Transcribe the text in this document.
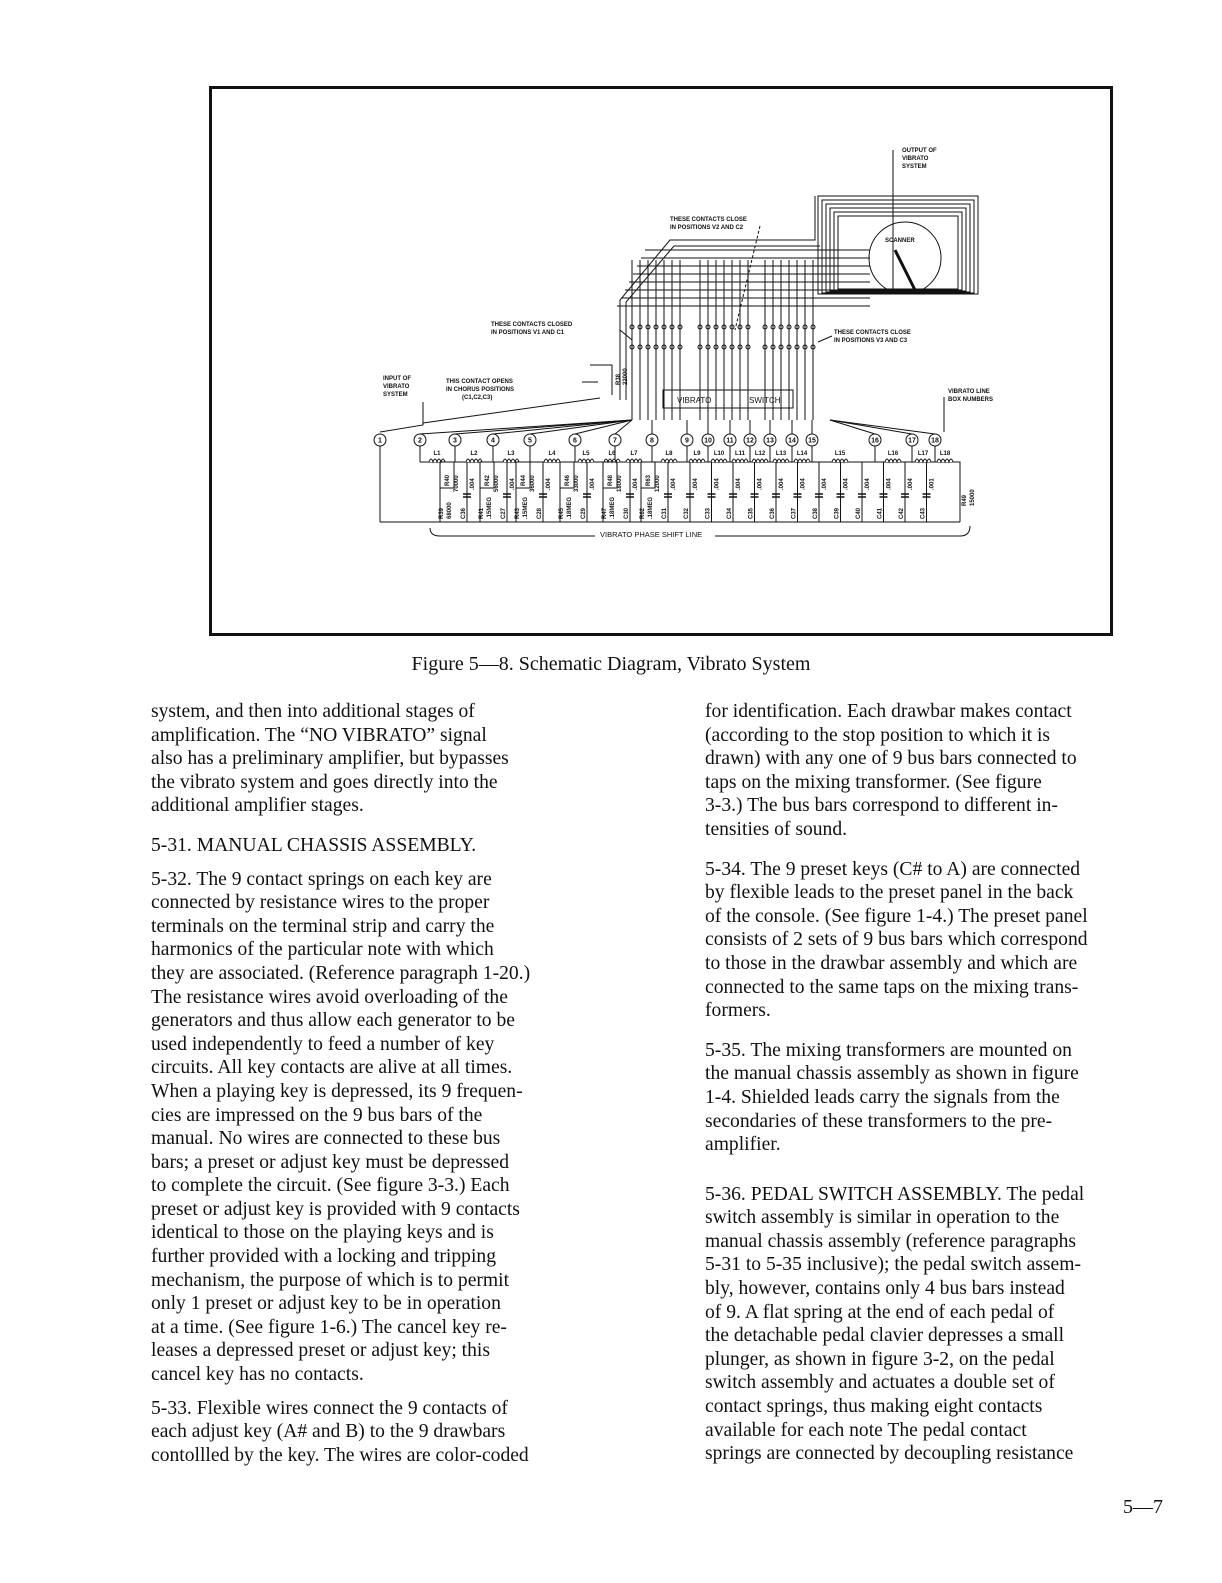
1	2	3	4	5	6	7	8	9 10 11 12 13 14 15	16	17 18
L1	L2	L3	L4	L5	L6 L7	L8	L9 L10 L11 L12 L13 L14	L15	L16	L17 L18
R40 70000	R42 56000	R44 36000	R46 33000	R48 18000	R63 12000
R39 68000	R41 .15MEG	R43 .15MEG	R45 .18MEG	R47 .18MEG	R62 .18MEG
.004
C36
.004
C27
.004
C28
.004
C29
.004
C30
.004
C31
.004
C32
.004
C33
.004
C34
.004
C35
.004
C36
.004
C37
.004
C38
.004
C39
.004
C40
.004
C41
.004
C42
.001
C43
R49 15000
OUTPUT OF
VIBRATO
SYSTEM
INPUT OF
VIBRATO
SYSTEM
THESE CONTACTS CLOSE
IN POSITIONS V2 AND C2
THESE CONTACTS CLOSED
IN POSITIONS V1 AND C1	THESE CONTACTS CLOSE
IN POSITIONS V3 AND C3
THIS CONTACT OPENS
IN CHORUS POSITIONS
(C1,C2,C3)
VIBRATO LINE
BOX NUMBERS
SCANNER
VIBRATO	SWITCH
VIBRATO PHASE SHIFT LINE
R38 22000
Figure 5—8. Schematic Diagram, Vibrato System

system, and then into additional stages of
amplification. The “NO VIBRATO” signal
also has a preliminary amplifier, but bypasses
the vibrato system and goes directly into the
additional amplifier stages.

5-31. MANUAL CHASSIS ASSEMBLY.

5-32. The 9 contact springs on each key are
connected by resistance wires to the proper
terminals on the terminal strip and carry the
harmonics of the particular note with which
they are associated. (Reference paragraph 1-20.)
The resistance wires avoid overloading of the
generators and thus allow each generator to be
used independently to feed a number of key
circuits. All key contacts are alive at all times.
When a playing key is depressed, its 9 frequen-
cies are impressed on the 9 bus bars of the
manual. No wires are connected to these bus
bars; a preset or adjust key must be depressed
to complete the circuit. (See figure 3-3.) Each
preset or adjust key is provided with 9 contacts
identical to those on the playing keys and is
further provided with a locking and tripping
mechanism, the purpose of which is to permit
only 1 preset or adjust key to be in operation
at a time. (See figure 1-6.) The cancel key re-
leases a depressed preset or adjust key; this
cancel key has no contacts.

5-33. Flexible wires connect the 9 contacts of
each adjust key (A# and B) to the 9 drawbars
contollled by the key. The wires are color-coded

for identification. Each drawbar makes contact
(according to the stop position to which it is
drawn) with any one of 9 bus bars connected to
taps on the mixing transformer. (See figure
3-3.) The bus bars correspond to different in-
tensities of sound.

5-34. The 9 preset keys (C# to A) are connected
by flexible leads to the preset panel in the back
of the console. (See figure 1-4.) The preset panel
consists of 2 sets of 9 bus bars which correspond
to those in the drawbar assembly and which are
connected to the same taps on the mixing trans-
formers.

5-35. The mixing transformers are mounted on
the manual chassis assembly as shown in figure
1-4. Shielded leads carry the signals from the
secondaries of these transformers to the pre-
amplifier.

5-36. PEDAL SWITCH ASSEMBLY. The pedal
switch assembly is similar in operation to the
manual chassis assembly (reference paragraphs
5-31 to 5-35 inclusive); the pedal switch assem-
bly, however, contains only 4 bus bars instead
of 9. A flat spring at the end of each pedal of
the detachable pedal clavier depresses a small
plunger, as shown in figure 3-2, on the pedal
switch assembly and actuates a double set of
contact springs, thus making eight contacts
available for each note The pedal contact
springs are connected by decoupling resistance

5—7
